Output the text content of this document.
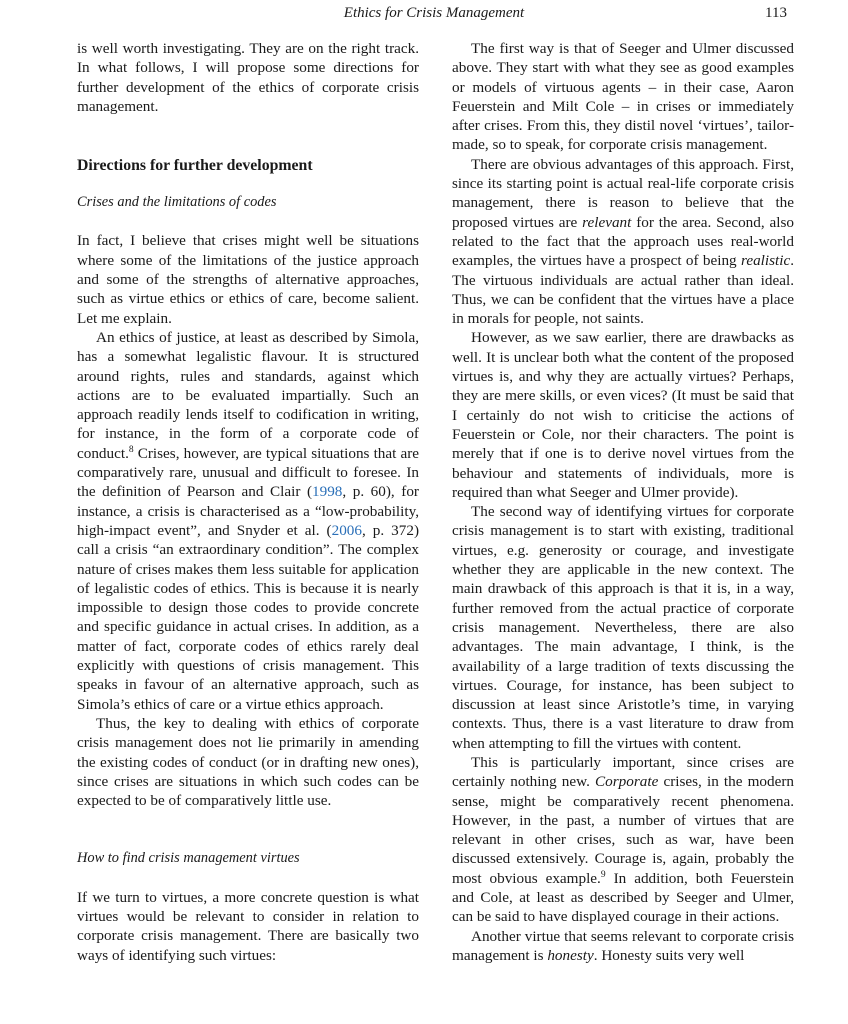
Ethics for Crisis Management	113

is well worth investigating. They are on the right track. In what follows, I will propose some directions for further development of the ethics of corporate crisis management.

Directions for further development
Crises and the limitations of codes

In fact, I believe that crises might well be situations where some of the limitations of the justice approach and some of the strengths of alternative approaches, such as virtue ethics or ethics of care, become salient. Let me explain.

An ethics of justice, at least as described by Simola, has a somewhat legalistic flavour. It is structured around rights, rules and standards, against which actions are to be evaluated impartially. Such an approach readily lends itself to codification in writing, for instance, in the form of a corporate code of conduct.$^8$ Crises, however, are typical situations that are comparatively rare, unusual and difficult to foresee. In the definition of Pearson and Clair (1998, p. 60), for instance, a crisis is characterised as a “low-probability, high-impact event”, and Snyder et al. (2006, p. 372) call a crisis “an extraordinary condition”. The complex nature of crises makes them less suitable for application of legalistic codes of ethics. This is because it is nearly impossible to design those codes to provide concrete and specific guidance in actual crises. In addition, as a matter of fact, corporate codes of ethics rarely deal explicitly with questions of crisis management. This speaks in favour of an alternative approach, such as Simola’s ethics of care or a virtue ethics approach.

Thus, the key to dealing with ethics of corporate crisis management does not lie primarily in amending the existing codes of conduct (or in drafting new ones), since crises are situations in which such codes can be expected to be of comparatively little use.

How to find crisis management virtues

If we turn to virtues, a more concrete question is what virtues would be relevant to consider in relation to corporate crisis management. There are basically two ways of identifying such virtues:

The first way is that of Seeger and Ulmer discussed above. They start with what they see as good examples or models of virtuous agents – in their case, Aaron Feuerstein and Milt Cole – in crises or immediately after crises. From this, they distil novel ‘virtues’, tailor-made, so to speak, for corporate crisis management.

There are obvious advantages of this approach. First, since its starting point is actual real-life corporate crisis management, there is reason to believe that the proposed virtues are relevant for the area. Second, also related to the fact that the approach uses real-world examples, the virtues have a prospect of being realistic. The virtuous individuals are actual rather than ideal. Thus, we can be confident that the virtues have a place in morals for people, not saints.

However, as we saw earlier, there are drawbacks as well. It is unclear both what the content of the proposed virtues is, and why they are actually virtues? Perhaps, they are mere skills, or even vices? (It must be said that I certainly do not wish to criticise the actions of Feuerstein or Cole, nor their characters. The point is merely that if one is to derive novel virtues from the behaviour and statements of individuals, more is required than what Seeger and Ulmer provide).

The second way of identifying virtues for corporate crisis management is to start with existing, traditional virtues, e.g. generosity or courage, and investigate whether they are applicable in the new context. The main drawback of this approach is that it is, in a way, further removed from the actual practice of corporate crisis management. Nevertheless, there are also advantages. The main advantage, I think, is the availability of a large tradition of texts discussing the virtues. Courage, for instance, has been subject to discussion at least since Aristotle’s time, in varying contexts. Thus, there is a vast literature to draw from when attempting to fill the virtues with content.

This is particularly important, since crises are certainly nothing new. Corporate crises, in the modern sense, might be comparatively recent phenomena. However, in the past, a number of virtues that are relevant in other crises, such as war, have been discussed extensively. Courage is, again, probably the most obvious example.$^9$ In addition, both Feuerstein and Cole, at least as described by Seeger and Ulmer, can be said to have displayed courage in their actions.

Another virtue that seems relevant to corporate crisis management is honesty. Honesty suits very well
